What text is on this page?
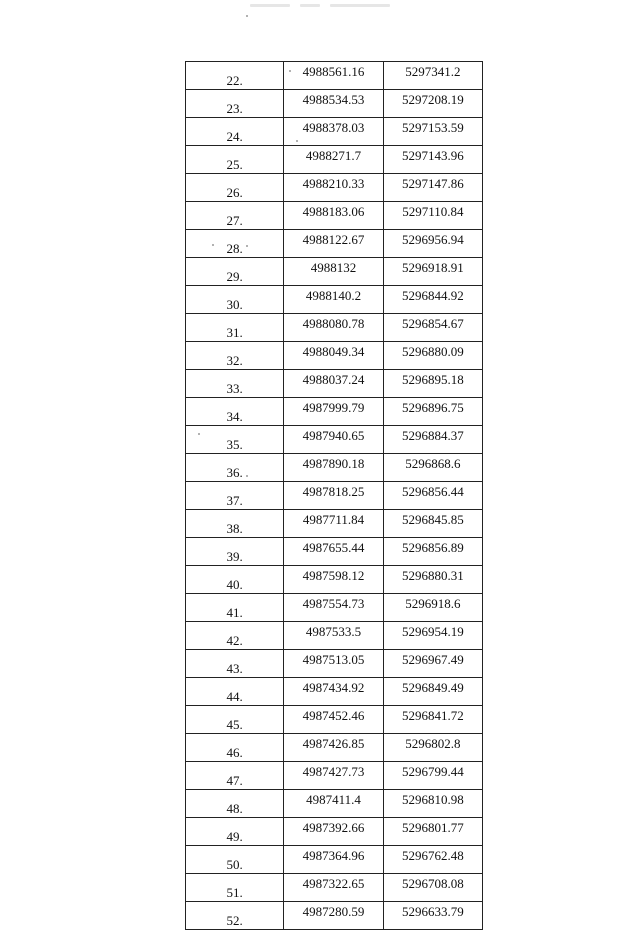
22.	4988561.16	5297341.2
23.	4988534.53	5297208.19
24.	4988378.03	5297153.59
25.	4988271.7	5297143.96
26.	4988210.33	5297147.86
27.	4988183.06	5297110.84
28.	4988122.67	5296956.94
29.	4988132	5296918.91
30.	4988140.2	5296844.92
31.	4988080.78	5296854.67
32.	4988049.34	5296880.09
33.	4988037.24	5296895.18
34.	4987999.79	5296896.75
35.	4987940.65	5296884.37
36.	4987890.18	5296868.6
37.	4987818.25	5296856.44
38.	4987711.84	5296845.85
39.	4987655.44	5296856.89
40.	4987598.12	5296880.31
41.	4987554.73	5296918.6
42.	4987533.5	5296954.19
43.	4987513.05	5296967.49
44.	4987434.92	5296849.49
45.	4987452.46	5296841.72
46.	4987426.85	5296802.8
47.	4987427.73	5296799.44
48.	4987411.4	5296810.98
49.	4987392.66	5296801.77
50.	4987364.96	5296762.48
51.	4987322.65	5296708.08
52.	4987280.59	5296633.79
